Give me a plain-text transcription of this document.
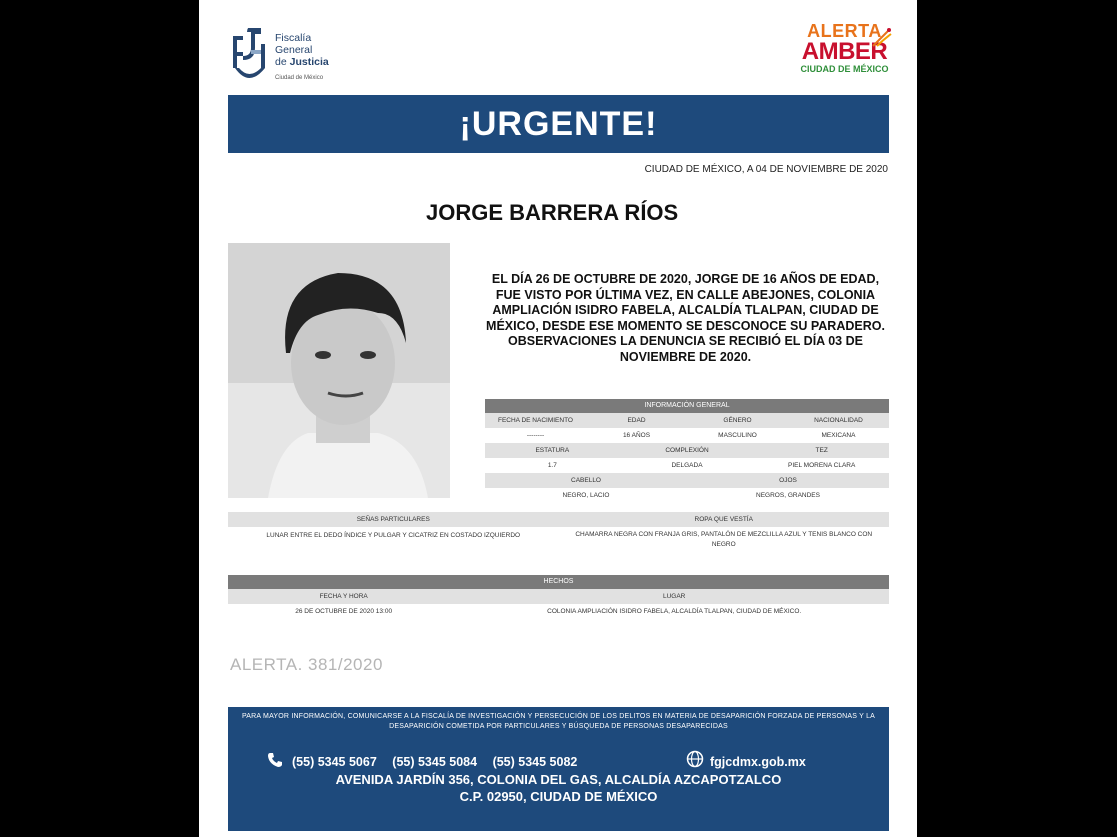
Fiscalía
General
de Justicia
Ciudad de México
ALERTA
AMBER
CIUDAD DE MÉXICO
¡URGENTE!
CIUDAD DE MÉXICO, A 04 DE NOVIEMBRE DE 2020
JORGE BARRERA RÍOS
EL DÍA 26 DE OCTUBRE DE 2020, JORGE DE 16 AÑOS DE EDAD, FUE VISTO POR ÚLTIMA VEZ, EN CALLE ABEJONES, COLONIA AMPLIACIÓN ISIDRO FABELA, ALCALDÍA TLALPAN, CIUDAD DE MÉXICO, DESDE ESE MOMENTO SE DESCONOCE SU PARADERO. OBSERVACIONES LA DENUNCIA SE RECIBIÓ EL DÍA 03 DE NOVIEMBRE DE 2020.
INFORMACIÓN GENERAL
FECHA DE NACIMIENTO	EDAD	GÉNERO	NACIONALIDAD
--------	16 AÑOS	MASCULINO	MEXICANA
ESTATURA	COMPLEXIÓN	TEZ
1.7	DELGADA	PIEL MORENA CLARA
CABELLO	OJOS
NEGRO, LACIO	NEGROS, GRANDES
SEÑAS PARTICULARES	ROPA QUE VESTÍA
LUNAR ENTRE EL DEDO ÍNDICE Y PULGAR Y CICATRIZ EN COSTADO IZQUIERDO	CHAMARRA NEGRA CON FRANJA GRIS, PANTALÓN DE MEZCLILLA AZUL Y TENIS BLANCO CON NEGRO
HECHOS
FECHA Y HORA	LUGAR
26 DE OCTUBRE DE 2020 13:00	COLONIA AMPLIACIÓN ISIDRO FABELA, ALCALDÍA TLALPAN, CIUDAD DE MÉXICO.
ALERTA. 381/2020
PARA MAYOR INFORMACIÓN, COMUNICARSE A LA FISCALÍA DE INVESTIGACIÓN Y PERSECUCIÓN DE LOS DELITOS EN MATERIA DE DESAPARICIÓN FORZADA DE PERSONAS Y LA DESAPARICIÓN COMETIDA POR PARTICULARES Y BÚSQUEDA DE PERSONAS DESAPARECIDAS
(55) 5345 5067 (55) 5345 5084 (55) 5345 5082	fgjcdmx.gob.mx
AVENIDA JARDÍN 356, COLONIA DEL GAS, ALCALDÍA AZCAPOTZALCO
C.P. 02950, CIUDAD DE MÉXICO
